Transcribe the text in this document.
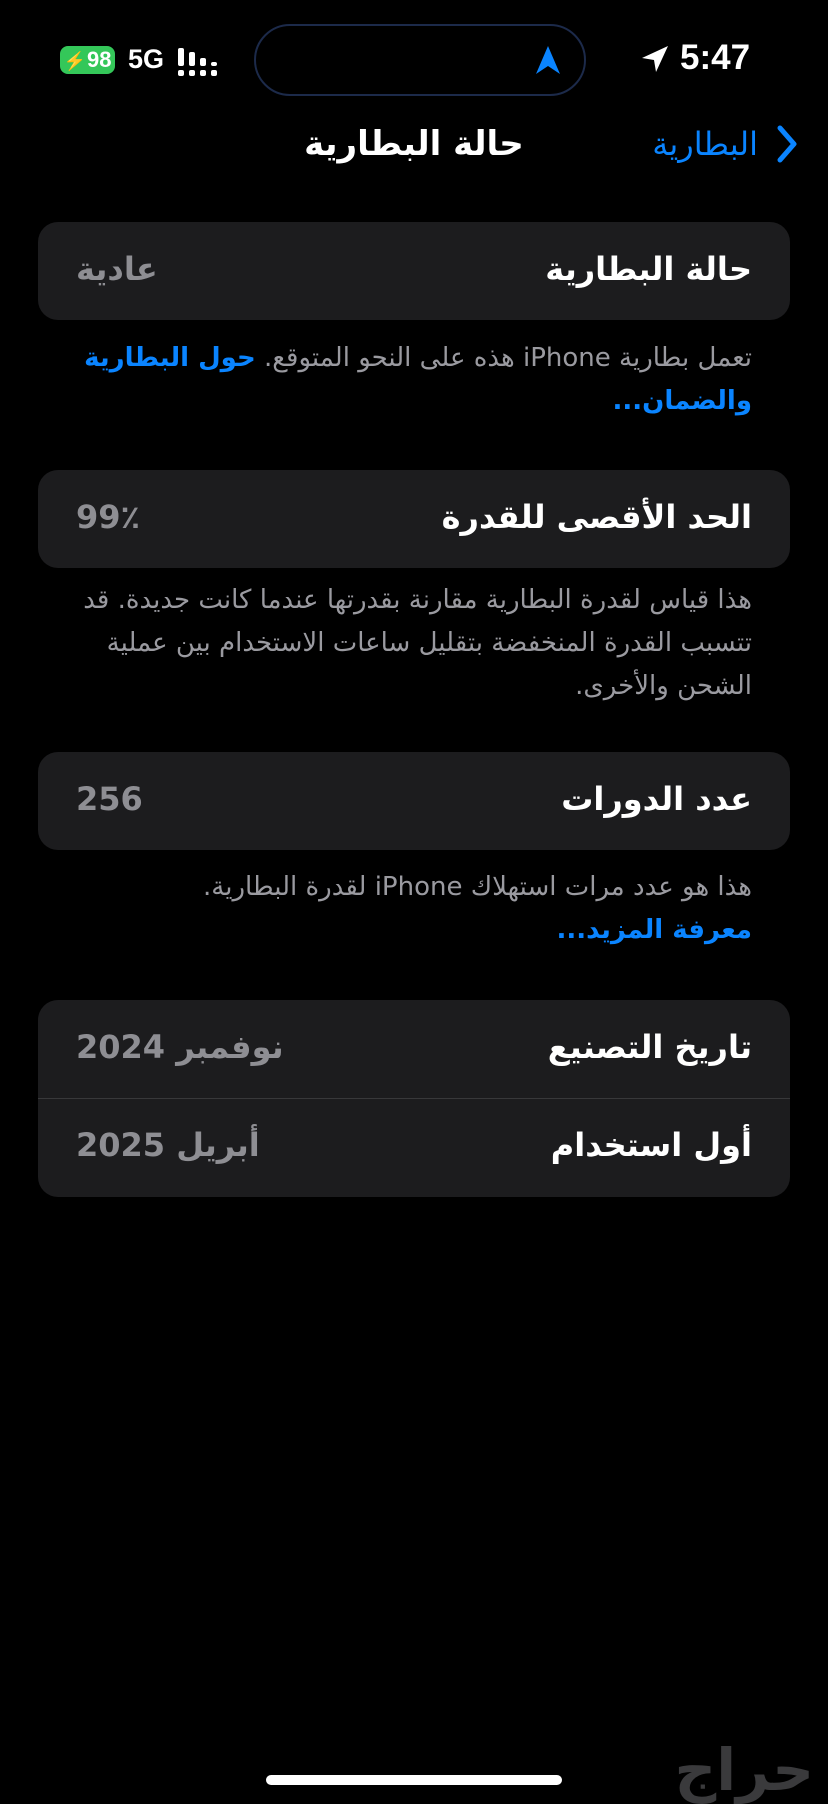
⚡98 5G	5:47
حالة البطارية	البطارية
حالة البطارية
عادية
تعمل بطارية iPhone هذه على النحو المتوقع. حول البطارية والضمان...
الحد الأقصى للقدرة
99٪
هذا قياس لقدرة البطارية مقارنة بقدرتها عندما كانت جديدة. قد تتسبب القدرة المنخفضة بتقليل ساعات الاستخدام بين عملية الشحن والأخرى.
عدد الدورات
256
هذا هو عدد مرات استهلاك iPhone لقدرة البطارية.
معرفة المزيد...
تاريخ التصنيع
نوفمبر 2024
أول استخدام
أبريل 2025
حراج
